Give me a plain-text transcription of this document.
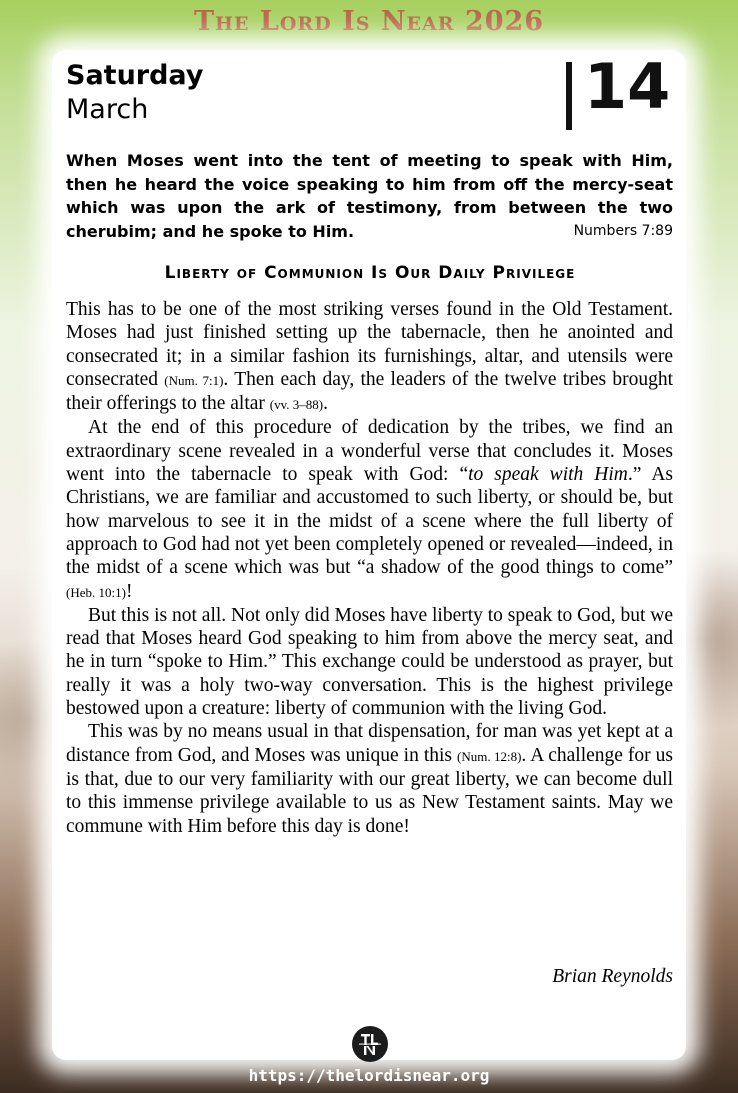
The Lord Is Near 2026
Saturday
March	14

When Moses went into the tent of meeting to speak with Him, then he heard the voice speaking to him from off the mercy-seat which was upon the ark of testimony, from between the two cherubim; and he spoke to Him.	Numbers 7:89

Liberty of Communion Is Our Daily Privilege

This has to be one of the most striking verses found in the Old Testament. Moses had just finished setting up the tabernacle, then he anointed and consecrated it; in a similar fashion its furnishings, altar, and utensils were consecrated (Num. 7:1). Then each day, the leaders of the twelve tribes brought their offerings to the altar (vv. 3–88).

At the end of this procedure of dedication by the tribes, we find an extraordinary scene revealed in a wonderful verse that concludes it. Moses went into the tabernacle to speak with God: “to speak with Him.” As Christians, we are familiar and accustomed to such liberty, or should be, but how marvelous to see it in the midst of a scene where the full liberty of approach to God had not yet been completely opened or revealed—indeed, in the midst of a scene which was but “a shadow of the good things to come” (Heb. 10:1)!

But this is not all. Not only did Moses have liberty to speak to God, but we read that Moses heard God speaking to him from above the mercy seat, and he in turn “spoke to Him.” This exchange could be understood as prayer, but really it was a holy two-way conversation. This is the highest privilege bestowed upon a creature: liberty of communion with the living God.

This was by no means usual in that dispensation, for man was yet kept at a distance from God, and Moses was unique in this (Num. 12:8). A challenge for us is that, due to our very familiarity with our great liberty, we can become dull to this immense privilege available to us as New Testament saints. May we commune with Him before this day is done!

Brian Reynolds
https://thelordisnear.org
